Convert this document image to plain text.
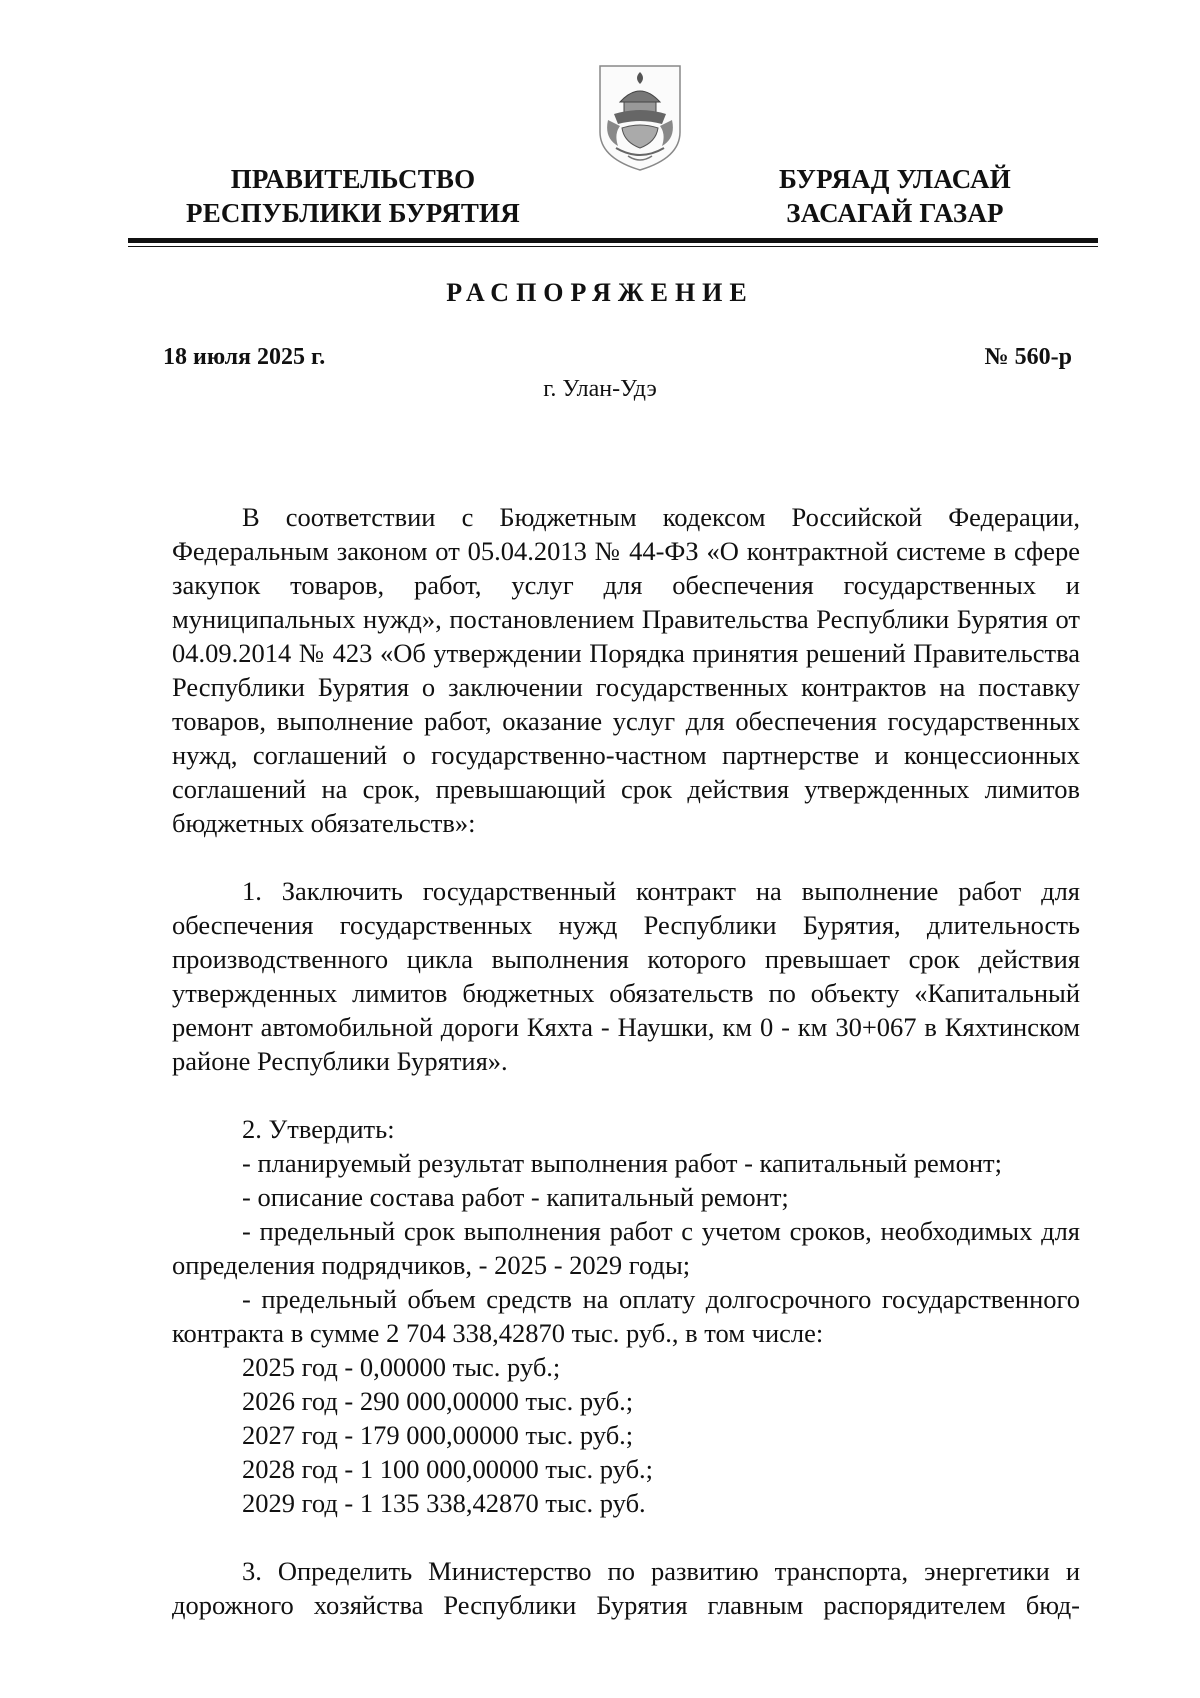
ПРАВИТЕЛЬСТВО
РЕСПУБЛИКИ БУРЯТИЯ
БУРЯАД УЛАСАЙ
ЗАСАГАЙ ГАЗАР
РАСПОРЯЖЕНИЕ
18 июля 2025 г.	№ 560-р
г. Улан-Удэ

В соответствии с Бюджетным кодексом Российской Федерации, Федеральным законом от 05.04.2013 № 44-ФЗ «О контрактной системе в сфере закупок товаров, работ, услуг для обеспечения государственных и муниципальных нужд», постановлением Правительства Республики Бурятия от 04.09.2014 № 423 «Об утверждении Порядка принятия решений Правительства Республики Бурятия о заключении государственных контрактов на поставку товаров, выполнение работ, оказание услуг для обеспечения государственных нужд, соглашений о государственно-частном партнерстве и концессионных соглашений на срок, превышающий срок действия утвержденных лимитов бюджетных обязательств»:

1. Заключить государственный контракт на выполнение работ для обеспечения государственных нужд Республики Бурятия, длительность производственного цикла выполнения которого превышает срок действия утвержденных лимитов бюджетных обязательств по объекту «Капитальный ремонт автомобильной дороги Кяхта - Наушки, км 0 - км 30+067 в Кяхтинском районе Республики Бурятия».

2. Утвердить:

- планируемый результат выполнения работ - капитальный ремонт;

- описание состава работ - капитальный ремонт;

- предельный срок выполнения работ с учетом сроков, необходимых для определения подрядчиков, - 2025 - 2029 годы;

- предельный объем средств на оплату долгосрочного государственного контракта в сумме 2 704 338,42870 тыс. руб., в том числе:

2025 год - 0,00000 тыс. руб.;

2026 год - 290 000,00000 тыс. руб.;

2027 год - 179 000,00000 тыс. руб.;

2028 год - 1 100 000,00000 тыс. руб.;

2029 год - 1 135 338,42870 тыс. руб.

3. Определить Министерство по развитию транспорта, энергетики и дорожного хозяйства Республики Бурятия главным распорядителем бюд-
